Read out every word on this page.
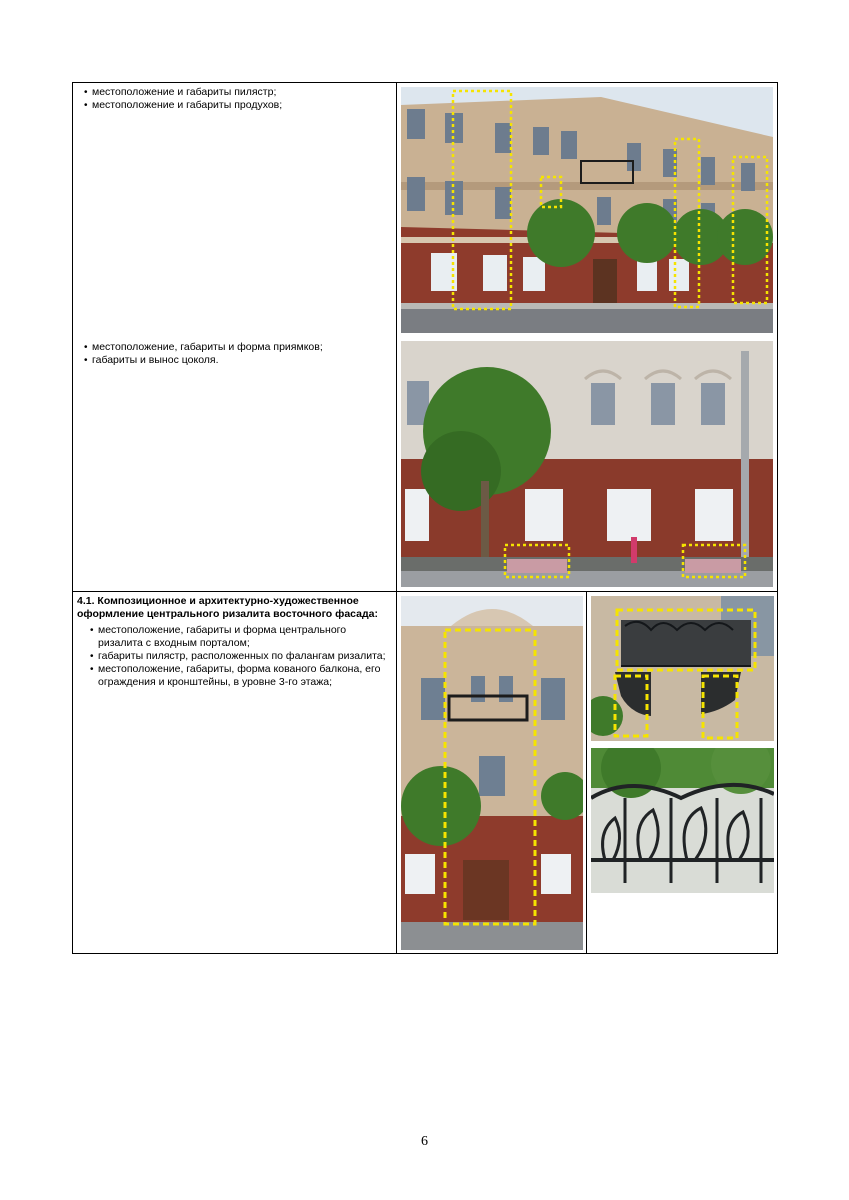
• местоположение и габариты пилястр;
• местоположение и габариты продухов;
• местоположение, габариты и форма приямков;
• габариты и вынос цоколя.
4.1. Композиционное и архитектурно-художественное оформление центрального ризалита восточного фасада:
• местоположение, габариты и форма центрального ризалита с входным порталом;
• габариты пилястр, расположенных по фалангам ризалита;
• местоположение, габариты, форма кованого балкона, его ограждения и кронштейны, в уровне 3-го этажа;
6
